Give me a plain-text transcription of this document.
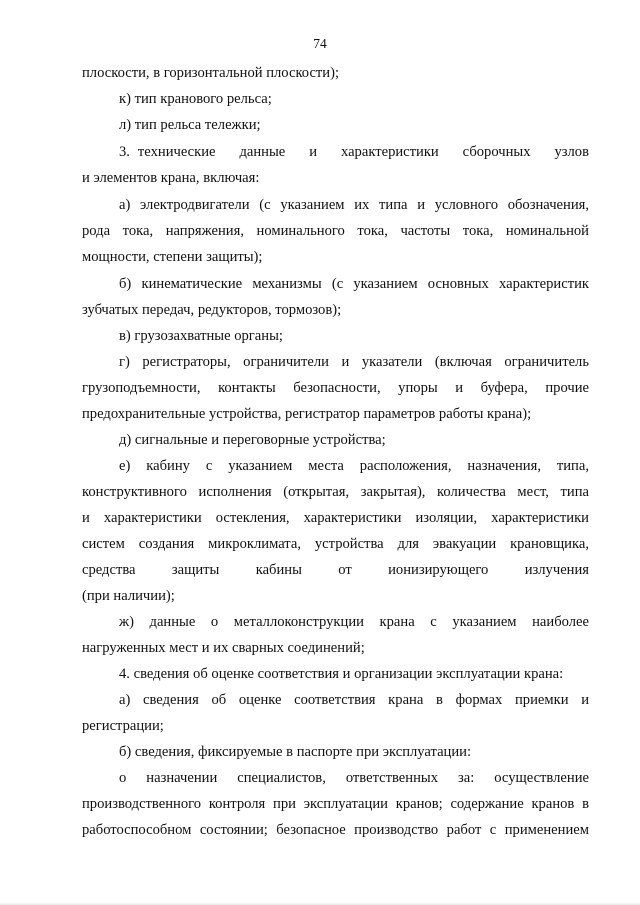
74

плоскости, в горизонтальной плоскости);

к) тип кранового рельса;

л) тип рельса тележки;

3.  технические      данные      и      характеристики      сборочных      узлов
и элементов крана, включая:

а) электродвигатели (с указанием их типа и условного обозначения,
рода тока, напряжения, номинального тока, частоты тока, номинальной
мощности, степени защиты);

б) кинематические механизмы (с указанием основных характеристик
зубчатых передач, редукторов, тормозов);

в) грузозахватные органы;

г) регистраторы, ограничители и указатели (включая ограничитель
грузоподъемности, контакты безопасности, упоры и буфера, прочие
предохранительные устройства, регистратор параметров работы крана);

д) сигнальные и переговорные устройства;

е) кабину с указанием места расположения, назначения, типа,
конструктивного исполнения (открытая, закрытая), количества мест, типа
и характеристики остекления, характеристики изоляции, характеристики
систем создания микроклимата, устройства для эвакуации крановщика,
средства защиты кабины от ионизирующего излучения
(при наличии);

ж) данные о металлоконструкции крана с указанием наиболее
нагруженных мест и их сварных соединений;

4. сведения об оценке соответствия и организации эксплуатации крана:

а) сведения об оценке соответствия крана в формах приемки и
регистрации;

б) сведения, фиксируемые в паспорте при эксплуатации:

о назначении специалистов, ответственных за: осуществление
производственного контроля при эксплуатации кранов; содержание кранов в
работоспособном состоянии; безопасное производство работ с применением
